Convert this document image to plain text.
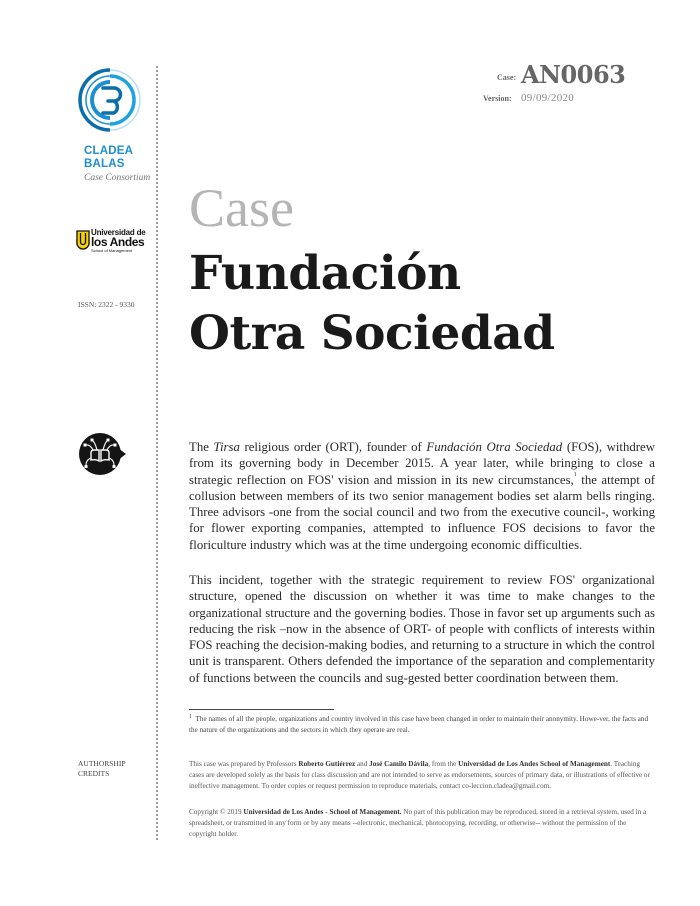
CLADEA
BALAS
Case Consortium
Universidad de
los Andes
School of Management
ISSN: 2322 - 9330
AUTHORSHIP
CREDITS
Case: AN0063
Version: 09/09/2020
Case
Fundación
Otra Sociedad
The Tirsa religious order (ORT), founder of Fundación Otra Sociedad (FOS), withdrew from its governing body in December 2015. A year later, while bringing to close a strategic reflection on FOS' vision and mission in its new circumstances,$^1$ the attempt of collusion between members of its two senior management bodies set alarm bells ringing. Three advisors -one from the social council and two from the executive council-, working for flower exporting companies, attempted to influence FOS decisions to favor the floriculture industry which was at the time undergoing economic difficulties.
This incident, together with the strategic requirement to review FOS' organizational structure, opened the discussion on whether it was time to make changes to the organizational structure and the governing bodies. Those in favor set up arguments such as reducing the risk –now in the absence of ORT- of people with conflicts of interests within FOS reaching the decision-making bodies, and returning to a structure in which the control unit is transparent. Others defended the importance of the separation and complementarity of functions between the councils and sug-gested better coordination between them.
$^1$ The names of all the people, organizations and country involved in this case have been changed in order to maintain their anonymity. Howe-ver, the facts and the nature of the organizations and the sectors in which they operate are real.
This case was prepared by Professors Roberto Gutiérrez and José Camilo Dávila, from the Universidad de Los Andes School of Management. Teaching cases are developed solely as the basis for class discussion and are not intended to serve as endorsements, sources of primary data, or illustrations of effective or ineffective management. To order copies or request permission to reproduce materials, contact co-leccion.cladea@gmail.com.
Copyright © 2019 Universidad de Los Andes - School of Management. No part of this publication may be reproduced, stored in a retrieval system, used in a spreadsheet, or transmitted in any form or by any means --electronic, mechanical, photocopying, recording, or otherwise-- without the permission of the copyright holder.
